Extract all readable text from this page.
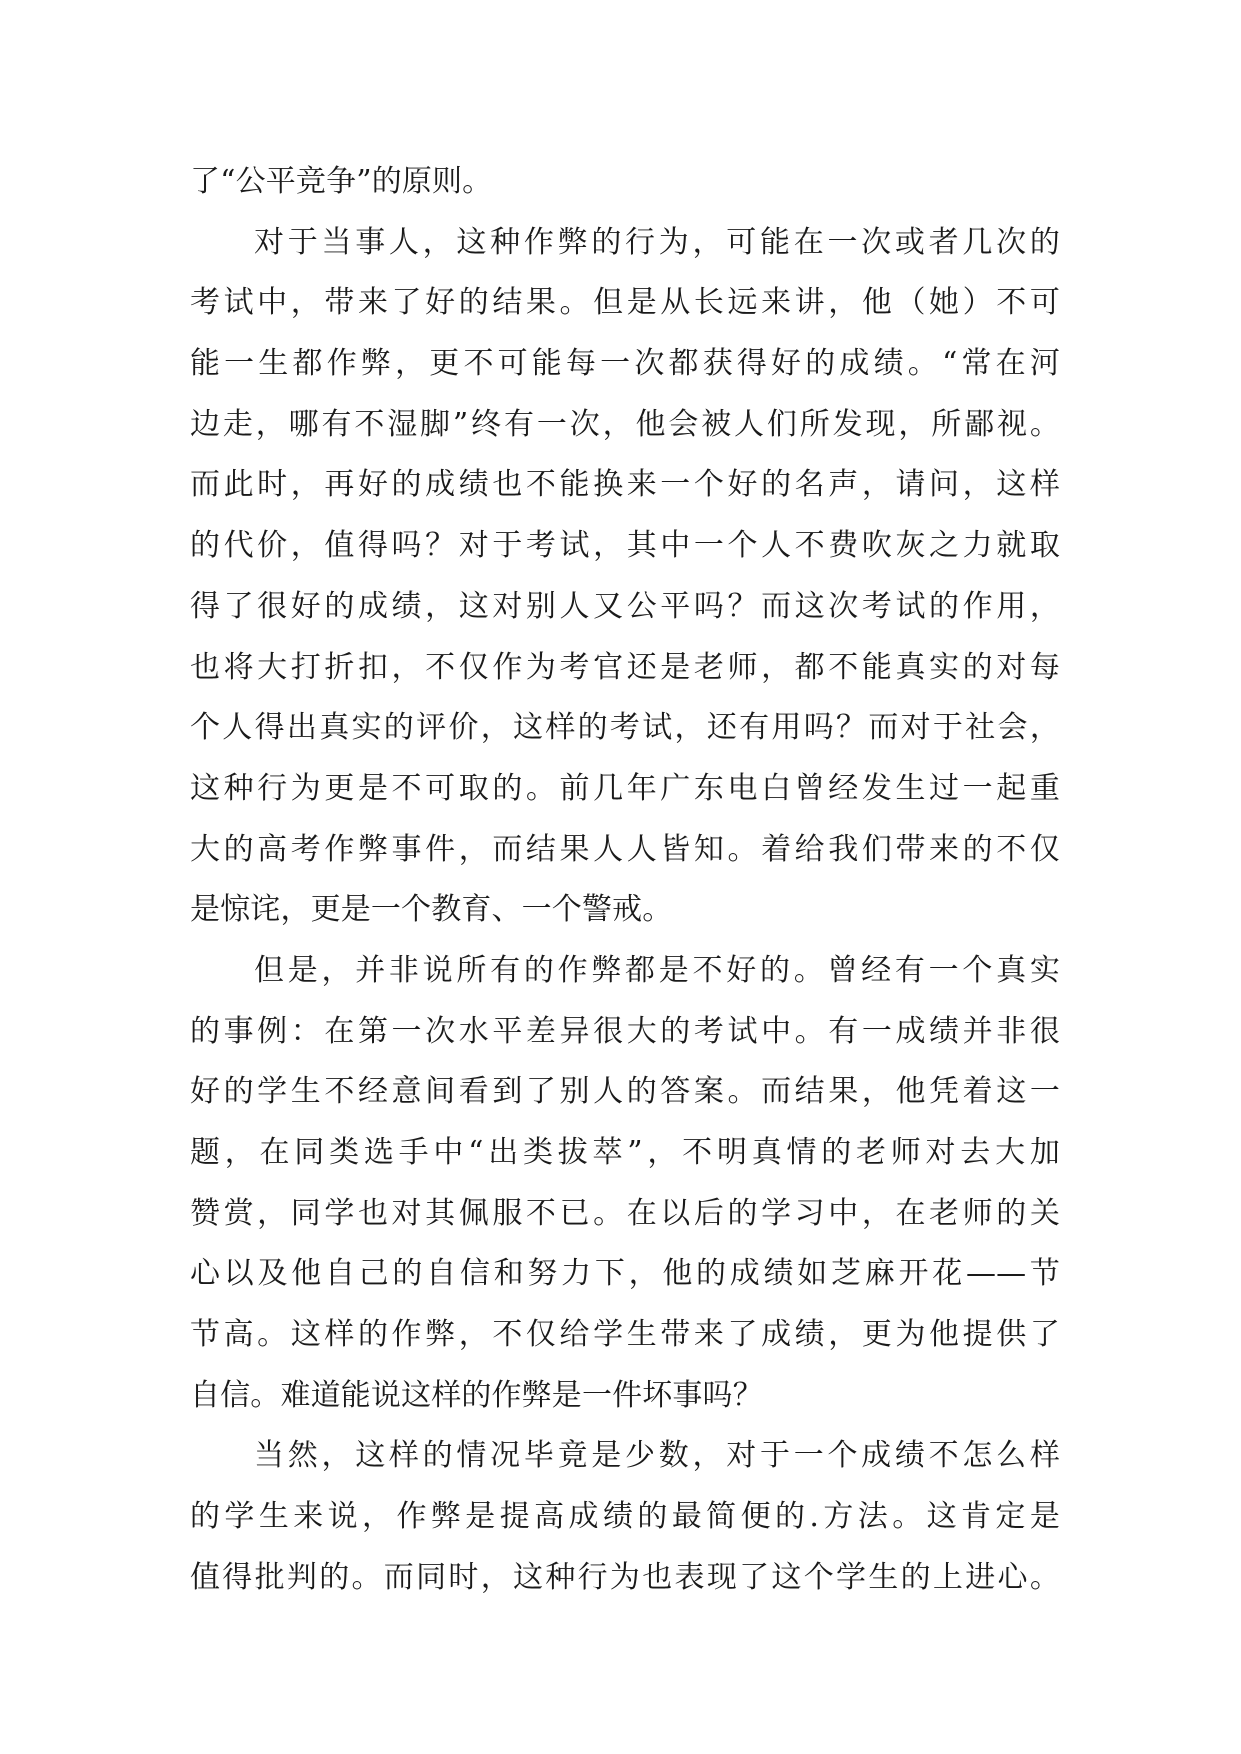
了“公平竞争”的原则。
对于当事人，这种作弊的行为，可能在一次或者几次的
考试中，带来了好的结果。但是从长远来讲，他（她）不可
能一生都作弊，更不可能每一次都获得好的成绩。“常在河
边走，哪有不湿脚”终有一次，他会被人们所发现，所鄙视。
而此时，再好的成绩也不能换来一个好的名声，请问，这样
的代价，值得吗？对于考试，其中一个人不费吹灰之力就取
得了很好的成绩，这对别人又公平吗？而这次考试的作用，
也将大打折扣，不仅作为考官还是老师，都不能真实的对每
个人得出真实的评价，这样的考试，还有用吗？而对于社会，
这种行为更是不可取的。前几年广东电白曾经发生过一起重
大的高考作弊事件，而结果人人皆知。着给我们带来的不仅
是惊诧，更是一个教育、一个警戒。
但是，并非说所有的作弊都是不好的。曾经有一个真实
的事例：在第一次水平差异很大的考试中。有一成绩并非很
好的学生不经意间看到了别人的答案。而结果，他凭着这一
题，在同类选手中“出类拔萃”，不明真情的老师对去大加
赞赏，同学也对其佩服不已。在以后的学习中，在老师的关
心以及他自己的自信和努力下，他的成绩如芝麻开花——节
节高。这样的作弊，不仅给学生带来了成绩，更为他提供了
自信。难道能说这样的作弊是一件坏事吗？
当然，这样的情况毕竟是少数，对于一个成绩不怎么样
的学生来说，作弊是提高成绩的最简便的.方法。这肯定是
值得批判的。而同时，这种行为也表现了这个学生的上进心。
